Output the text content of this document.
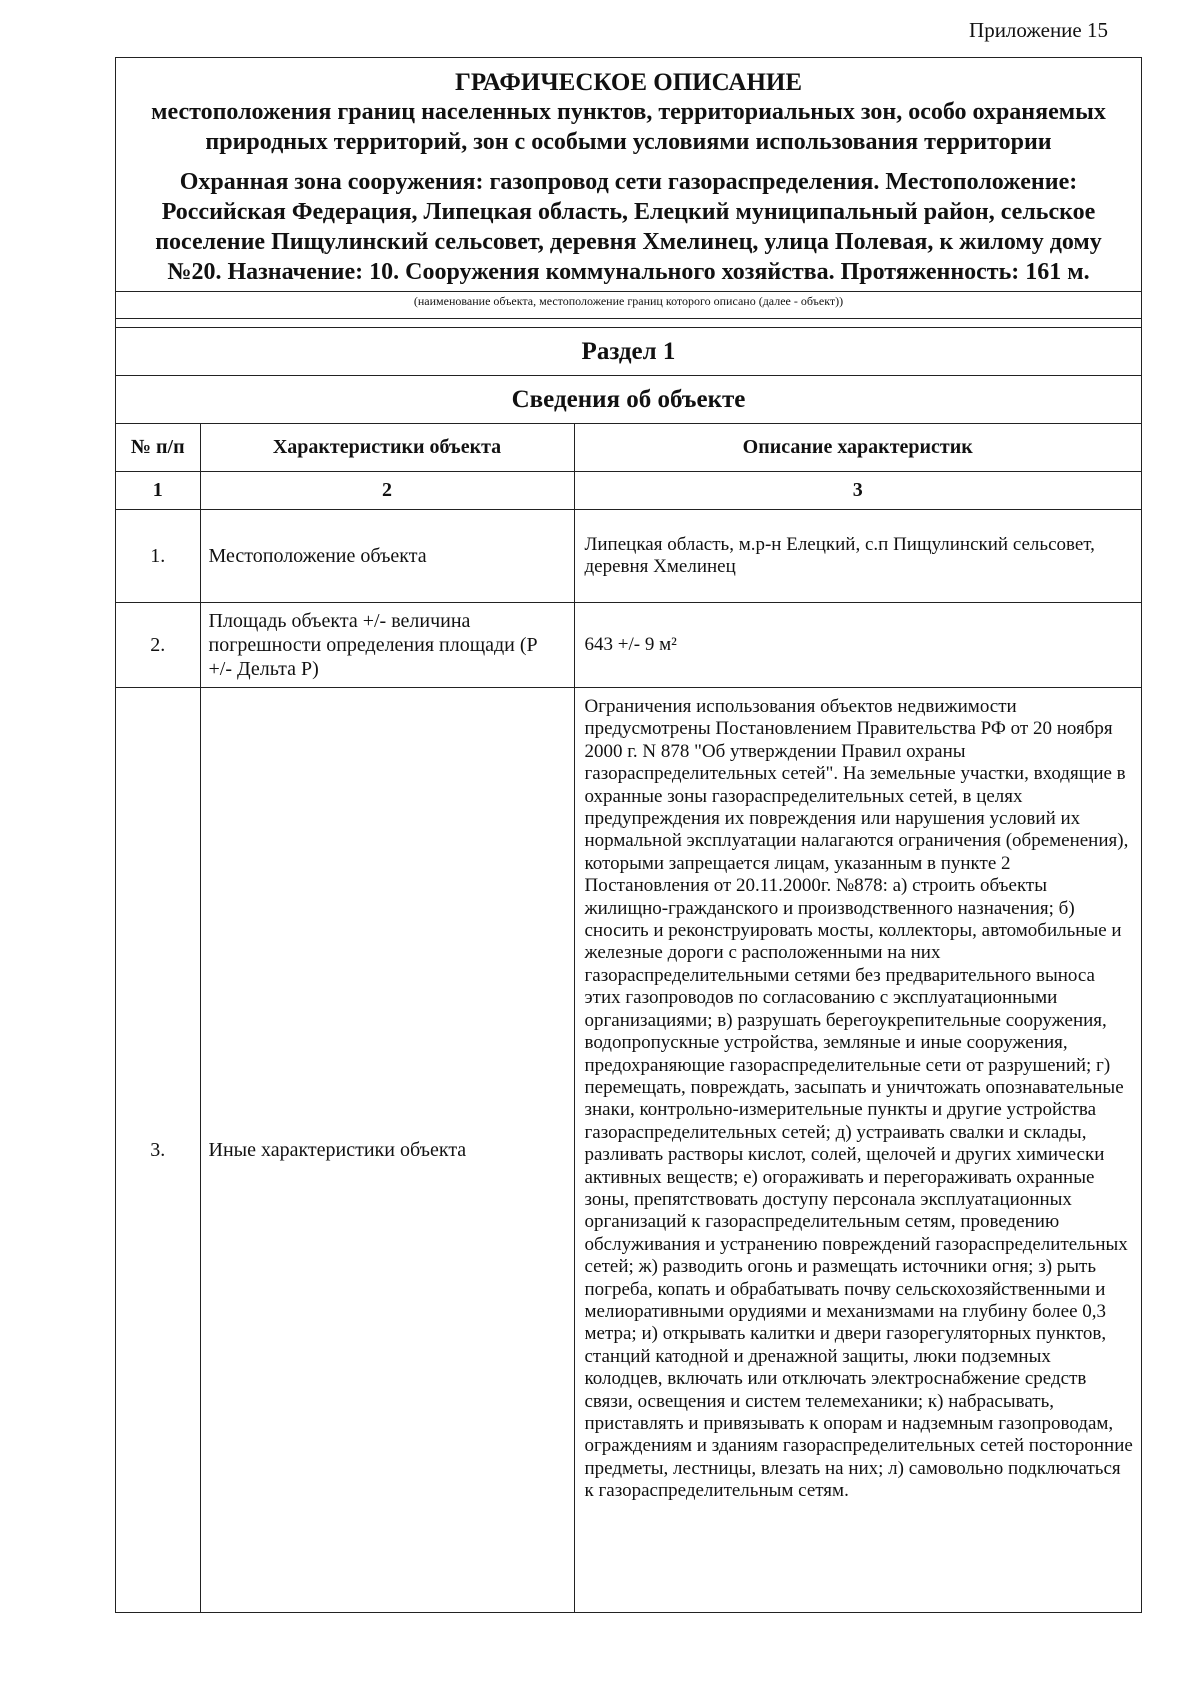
Приложение 15
ГРАФИЧЕСКОЕ ОПИСАНИЕ
местоположения границ населенных пунктов, территориальных зон, особо охраняемых природных территорий, зон с особыми условиями использования территории
Охранная зона сооружения: газопровод сети газораспределения. Местоположение: Российская Федерация, Липецкая область, Елецкий муниципальный район, сельское поселение Пищулинский сельсовет, деревня Хмелинец, улица Полевая, к жилому дому №20. Назначение: 10. Сооружения коммунального хозяйства. Протяженность: 161 м.
(наименование объекта, местоположение границ которого описано (далее - объект))
Раздел 1		
Сведения об объекте		
№ п/п	Характеристики объекта	Описание характеристик
1	2	3
1.	Местоположение объекта	Липецкая область, м.р-н Елецкий, с.п Пищулинский сельсовет, деревня Хмелинец
2.	Площадь объекта +/- величина погрешности определения площади (Р +/- Дельта Р)	643 +/- 9 м²
3.	Иные характеристики объекта	Ограничения использования объектов недвижимости предусмотрены Постановлением Правительства РФ от 20 ноября 2000 г. N 878 "Об утверждении Правил охраны газораспределительных сетей". На земельные участки, входящие в охранные зоны газораспределительных сетей, в целях предупреждения их повреждения или нарушения условий их нормальной эксплуатации налагаются ограничения (обременения), которыми запрещается лицам, указанным в пункте 2 Постановления от 20.11.2000г. №878: а) строить объекты жилищно-гражданского и производственного назначения; б) сносить и реконструировать мосты, коллекторы, автомобильные и железные дороги с расположенными на них газораспределительными сетями без предварительного выноса этих газопроводов по согласованию с эксплуатационными организациями; в) разрушать берегоукрепительные сооружения, водопропускные устройства, земляные и иные сооружения, предохраняющие газораспределительные сети от разрушений; г) перемещать, повреждать, засыпать и уничтожать опознавательные знаки, контрольно-измерительные пункты и другие устройства газораспределительных сетей; д) устраивать свалки и склады, разливать растворы кислот, солей, щелочей и других химически активных веществ; е) огораживать и перегораживать охранные зоны, препятствовать доступу персонала эксплуатационных организаций к газораспределительным сетям, проведению обслуживания и устранению повреждений газораспределительных сетей; ж) разводить огонь и размещать источники огня; з) рыть погреба, копать и обрабатывать почву сельскохозяйственными и мелиоративными орудиями и механизмами на глубину более 0,3 метра; и) открывать калитки и двери газорегуляторных пунктов, станций катодной и дренажной защиты, люки подземных колодцев, включать или отключать электроснабжение средств связи, освещения и систем телемеханики; к) набрасывать, приставлять и привязывать к опорам и надземным газопроводам, ограждениям и зданиям газораспределительных сетей посторонние предметы, лестницы, влезать на них; л) самовольно подключаться к газораспределительным сетям.
